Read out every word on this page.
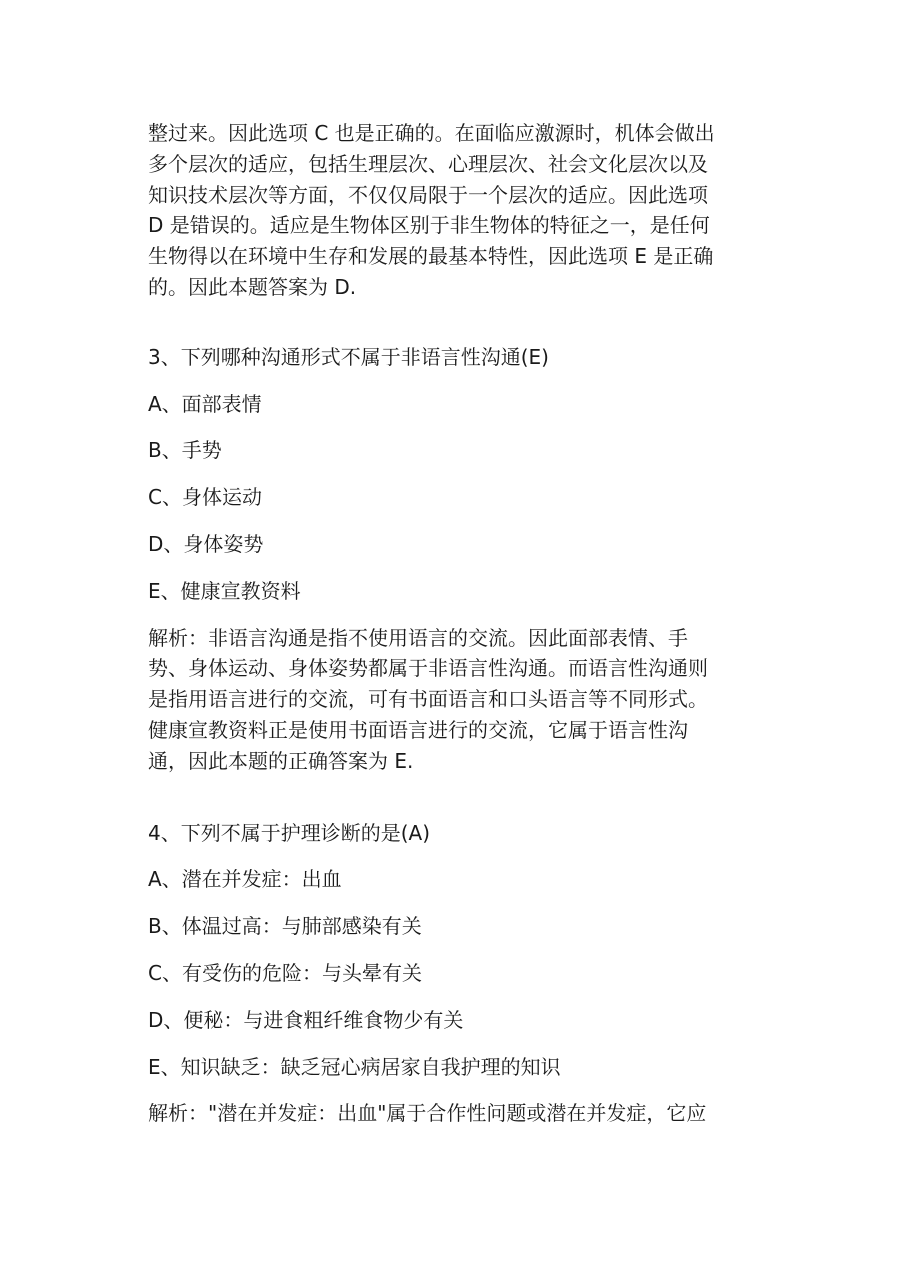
整过来。因此选项 C 也是正确的。在面临应激源时，机体会做出
多个层次的适应，包括生理层次、心理层次、社会文化层次以及
知识技术层次等方面，不仅仅局限于一个层次的适应。因此选项
D 是错误的。适应是生物体区别于非生物体的特征之一，是任何
生物得以在环境中生存和发展的最基本特性，因此选项 E 是正确
的。因此本题答案为 D.

3、下列哪种沟通形式不属于非语言性沟通(E)

A、面部表情

B、手势

C、身体运动

D、身体姿势

E、健康宣教资料

解析：非语言沟通是指不使用语言的交流。因此面部表情、手
势、身体运动、身体姿势都属于非语言性沟通。而语言性沟通则
是指用语言进行的交流，可有书面语言和口头语言等不同形式。
健康宣教资料正是使用书面语言进行的交流，它属于语言性沟
通，因此本题的正确答案为 E.

4、下列不属于护理诊断的是(A)

A、潜在并发症：出血

B、体温过高：与肺部感染有关

C、有受伤的危险：与头晕有关

D、便秘：与进食粗纤维食物少有关

E、知识缺乏：缺乏冠心病居家自我护理的知识

解析："潜在并发症：出血"属于合作性问题或潜在并发症，它应
